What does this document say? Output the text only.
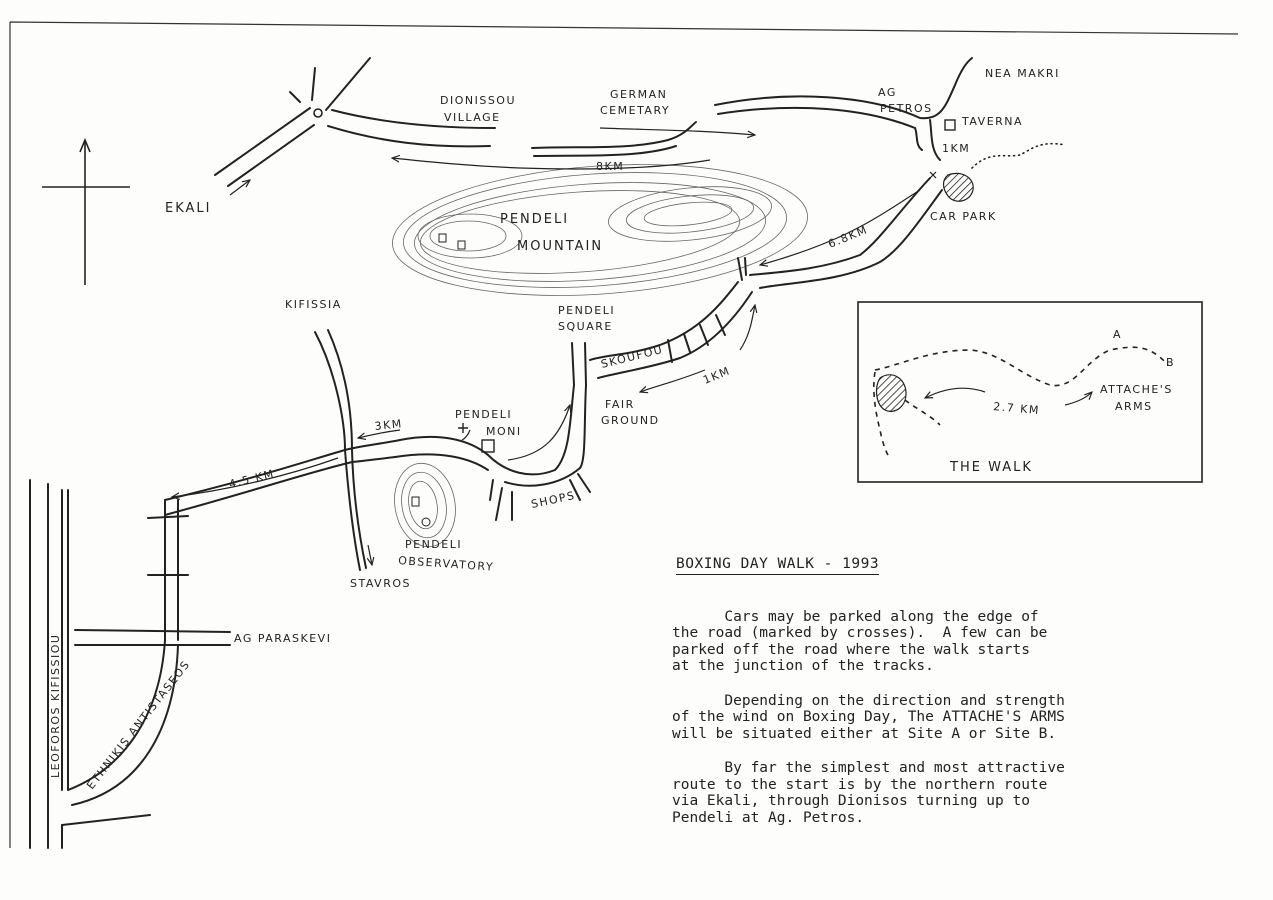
NEA MAKRI
AG
PETROS
TAVERNA
1KM
CAR PARK
DIONISSOU
VILLAGE
GERMAN
CEMETARY
8KM
EKALI
PENDELI
MOUNTAIN	6.8KM
KIFISSIA	PENDELI
SQUARE
SKOUFOU
1KM
FAIR
GROUND
PENDELI
MONI
3KM
SHOPS
PENDELI
OBSERVATORY
4.5 KM
STAVROS
AG PARASKEVI
LEOFOROS KIFISSIOU ETHNIKIS ANTISTASEOS
A
B
2.7 KM
ATTACHE'S
ARMS
THE WALK
BOXING DAY WALK - 1993

Cars may be parked along the edge of
the road (marked by crosses).  A few can be
parked off the road where the walk starts
at the junction of the tracks.

Depending on the direction and strength
of the wind on Boxing Day, The ATTACHE'S ARMS
will be situated either at Site A or Site B.

By far the simplest and most attractive
route to the start is by the northern route
via Ekali, through Dionisos turning up to
Pendeli at Ag. Petros.
